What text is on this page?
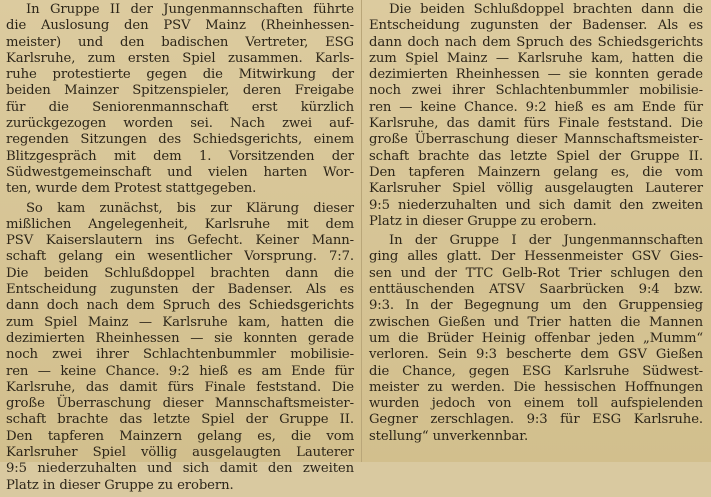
In Gruppe II der Jungenmannschaften führte
die Auslosung den PSV Mainz (Rheinhessen-
meister) und den badischen Vertreter, ESG
Karlsruhe, zum ersten Spiel zusammen. Karls-
ruhe protestierte gegen die Mitwirkung der
beiden Mainzer Spitzenspieler, deren Freigabe
für die Seniorenmannschaft erst kürzlich
zurückgezogen worden sei. Nach zwei auf-
regenden Sitzungen des Schiedsgerichts, einem
Blitzgespräch mit dem 1. Vorsitzenden der
Südwestgemeinschaft und vielen harten Wor-
ten, wurde dem Protest stattgegeben.
So kam zunächst, bis zur Klärung dieser
mißlichen Angelegenheit, Karlsruhe mit dem
PSV Kaiserslautern ins Gefecht. Keiner Mann-
schaft gelang ein wesentlicher Vorsprung. 7:7.
Die beiden Schlußdoppel brachten dann die
Entscheidung zugunsten der Badenser. Als es
dann doch nach dem Spruch des Schiedsgerichts
zum Spiel Mainz — Karlsruhe kam, hatten die
dezimierten Rheinhessen — sie konnten gerade
noch zwei ihrer Schlachtenbummler mobilisie-
ren — keine Chance. 9:2 hieß es am Ende für
Karlsruhe, das damit fürs Finale feststand. Die
große Überraschung dieser Mannschaftsmeister-
schaft brachte das letzte Spiel der Gruppe II.
Den tapferen Mainzern gelang es, die vom
Karlsruher Spiel völlig ausgelaugten Lauterer
9:5 niederzuhalten und sich damit den zweiten
Platz in dieser Gruppe zu erobern.
Die beiden Schlußdoppel brachten dann die
Entscheidung zugunsten der Badenser. Als es
dann doch nach dem Spruch des Schiedsgerichts
zum Spiel Mainz — Karlsruhe kam, hatten die
dezimierten Rheinhessen — sie konnten gerade
noch zwei ihrer Schlachtenbummler mobilisie-
ren — keine Chance. 9:2 hieß es am Ende für
Karlsruhe, das damit fürs Finale feststand. Die
große Überraschung dieser Mannschaftsmeister-
schaft brachte das letzte Spiel der Gruppe II.
Den tapferen Mainzern gelang es, die vom
Karlsruher Spiel völlig ausgelaugten Lauterer
9:5 niederzuhalten und sich damit den zweiten
Platz in dieser Gruppe zu erobern.
In der Gruppe I der Jungenmannschaften
ging alles glatt. Der Hessenmeister GSV Gies-
sen und der TTC Gelb-Rot Trier schlugen den
enttäuschenden ATSV Saarbrücken 9:4 bzw.
9:3. In der Begegnung um den Gruppensieg
zwischen Gießen und Trier hatten die Mannen
um die Brüder Heinig offenbar jeden „Mumm“
verloren. Sein 9:3 bescherte dem GSV Gießen
die Chance, gegen ESG Karlsruhe Südwest-
meister zu werden. Die hessischen Hoffnungen
wurden jedoch von einem toll aufspielenden
Gegner zerschlagen. 9:3 für ESG Karlsruhe.
stellung“ unverkennbar.
